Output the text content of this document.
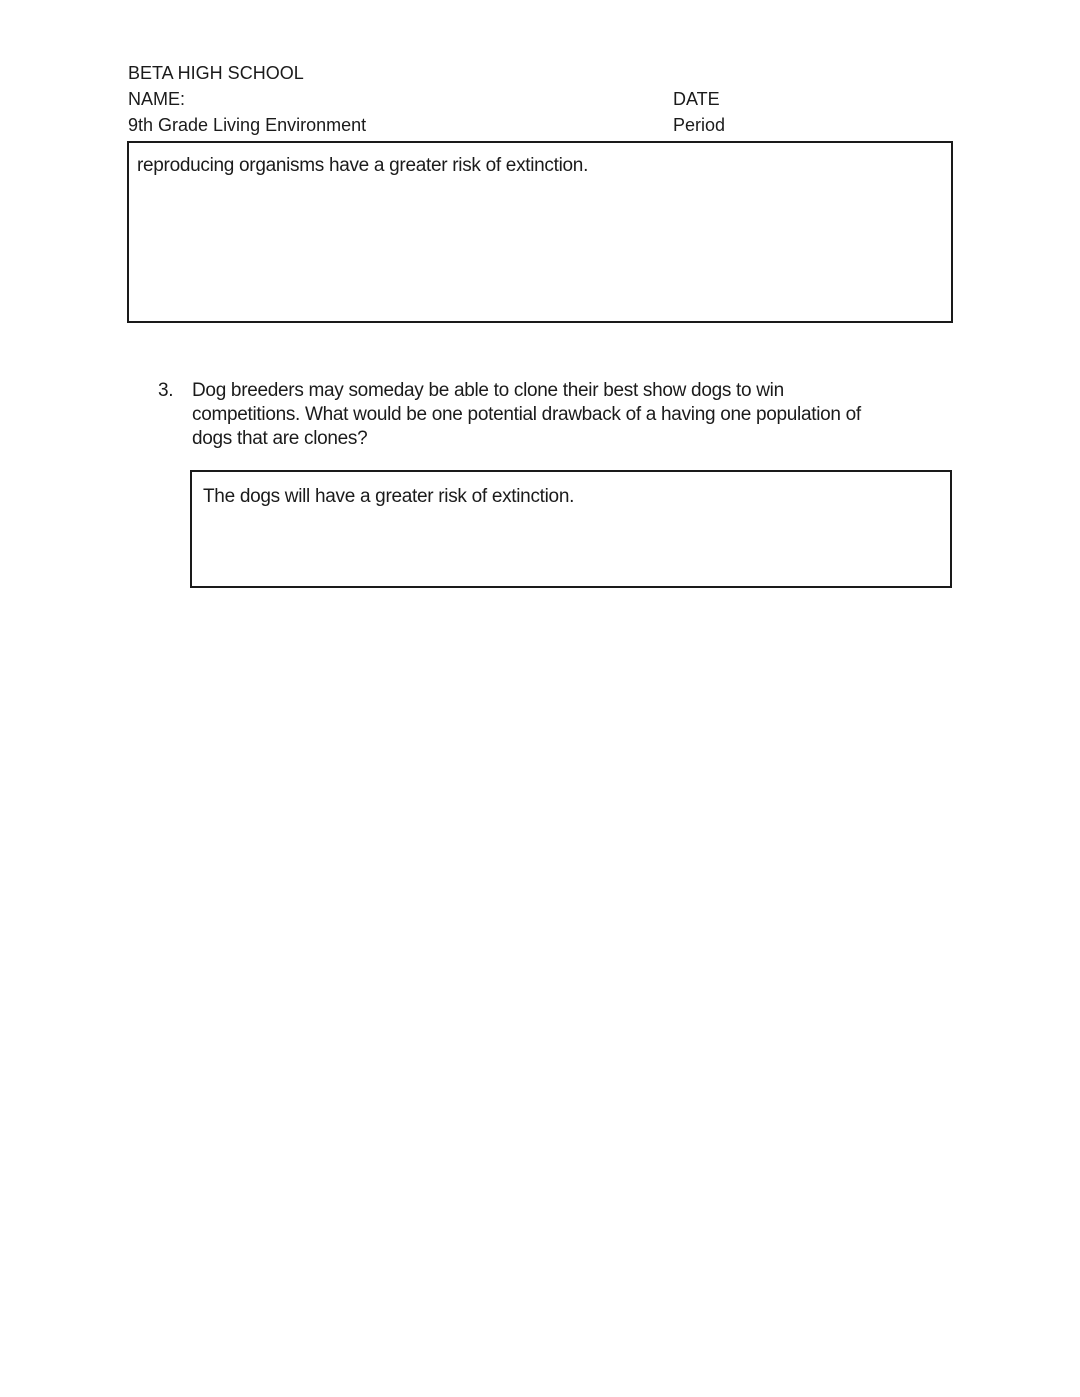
BETA HIGH SCHOOL
NAME:	DATE
9th Grade Living Environment	Period
reproducing organisms have a greater risk of extinction.
3. Dog breeders may someday be able to clone their best show dogs to win
competitions. What would be one potential drawback of a having one population of
dogs that are clones?
The dogs will have a greater risk of extinction.
